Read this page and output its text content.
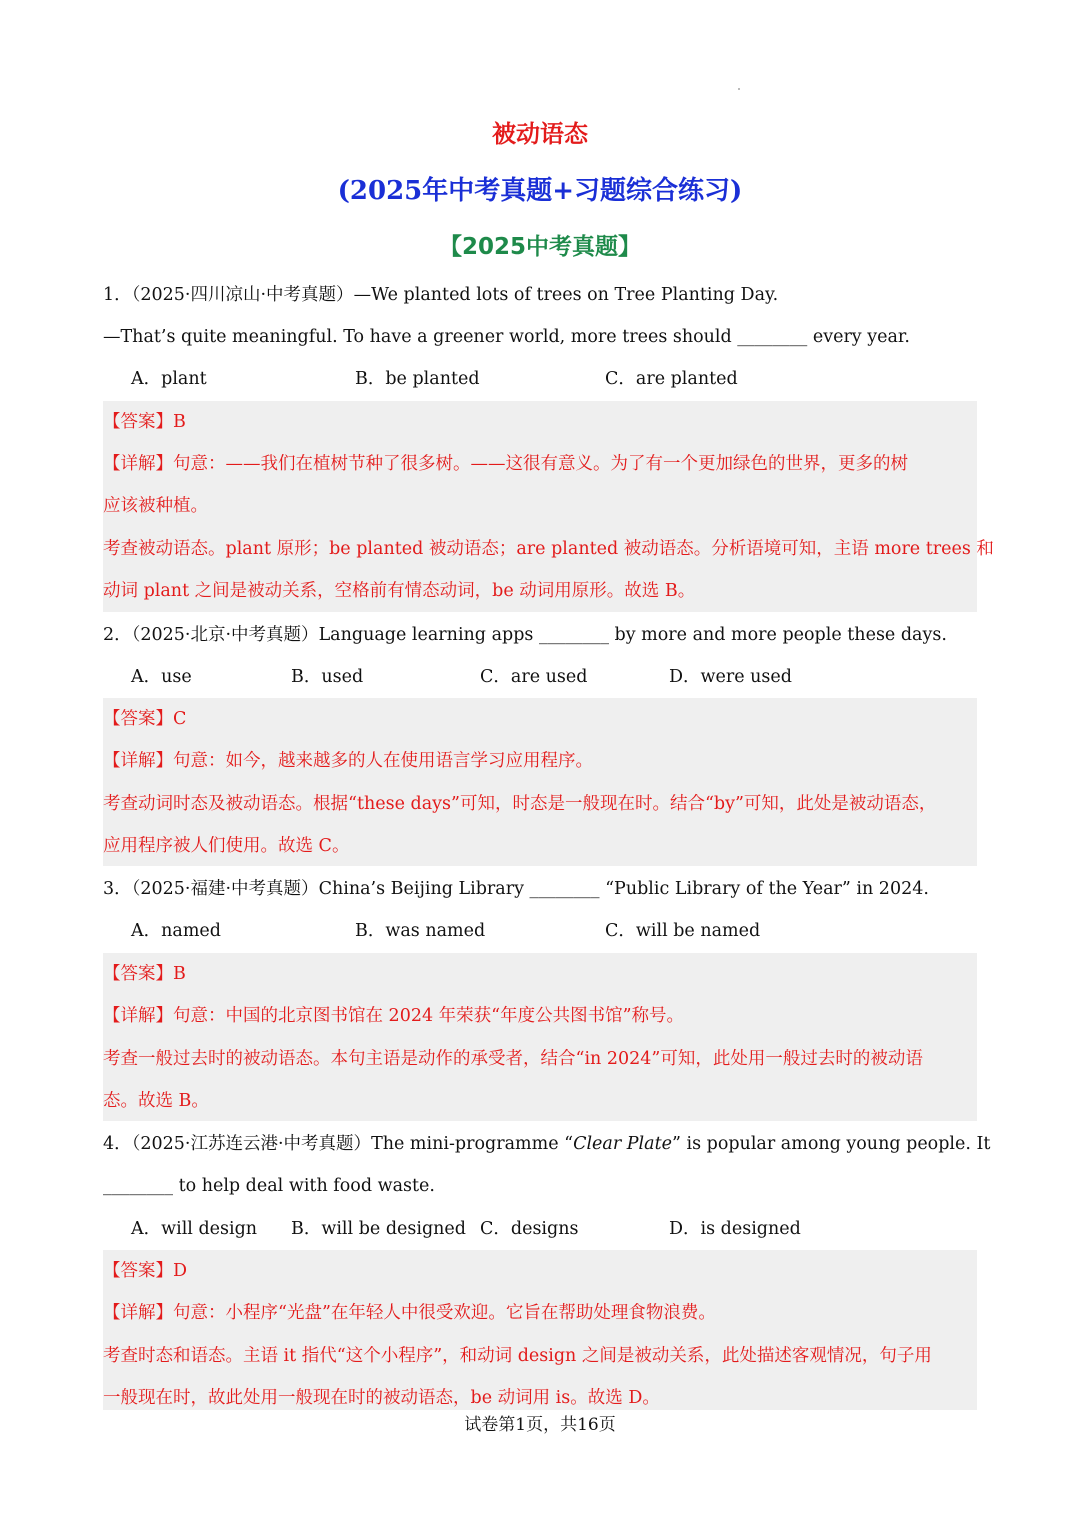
被动语态
(2025年中考真题+习题综合练习)
【2025中考真题】
1．（2025·四川凉山·中考真题）—We planted lots of trees on Tree Planting Day.
—That’s quite meaningful. To have a greener world, more trees should ________ every year.
A．plant	B．be planted	C．are planted
【答案】B
【详解】句意：——我们在植树节种了很多树。——这很有意义。为了有一个更加绿色的世界，更多的树
应该被种植。
考查被动语态。plant 原形；be planted 被动语态；are planted 被动语态。分析语境可知，主语 more trees 和
动词 plant 之间是被动关系，空格前有情态动词，be 动词用原形。故选 B。
2．（2025·北京·中考真题）Language learning apps ________ by more and more people these days.
A．use	B．used	C．are used	D．were used
【答案】C
【详解】句意：如今，越来越多的人在使用语言学习应用程序。
考查动词时态及被动语态。根据“these days”可知，时态是一般现在时。结合“by”可知，此处是被动语态，
应用程序被人们使用。故选 C。
3．（2025·福建·中考真题）China’s Beijing Library ________ “Public Library of the Year” in 2024.
A．named	B．was named	C．will be named
【答案】B
【详解】句意：中国的北京图书馆在 2024 年荣获“年度公共图书馆”称号。
考查一般过去时的被动语态。本句主语是动作的承受者，结合“in 2024”可知，此处用一般过去时的被动语
态。故选 B。
4．（2025·江苏连云港·中考真题）The mini-programme “Clear Plate” is popular among young people. It
________ to help deal with food waste.
A．will design B．will be designed C．designs	D．is designed
【答案】D
【详解】句意：小程序“光盘”在年轻人中很受欢迎。它旨在帮助处理食物浪费。
考查时态和语态。主语 it 指代“这个小程序”，和动词 design 之间是被动关系，此处描述客观情况，句子用
一般现在时，故此处用一般现在时的被动语态，be 动词用 is。故选 D。
试卷第1页，共16页
